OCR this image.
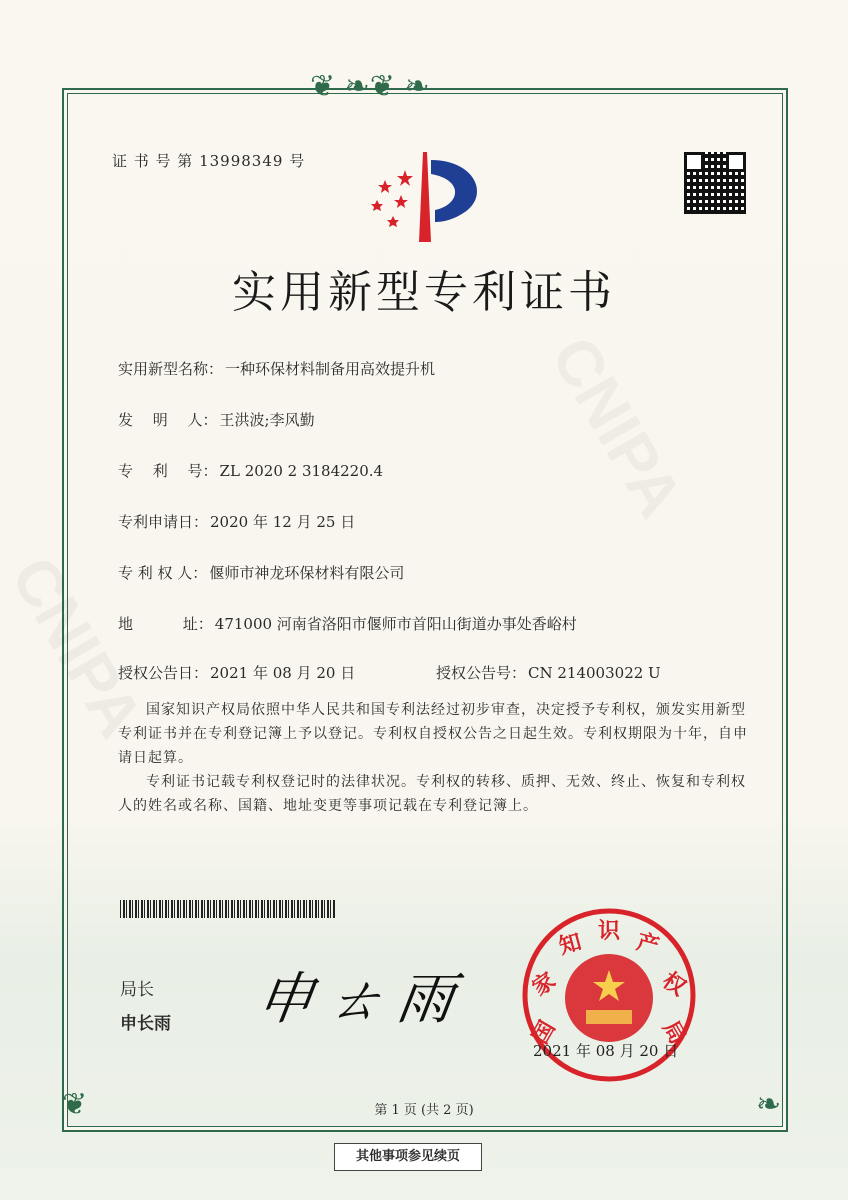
❦ ❧❦ ❧
❦	❧
证 书 号 第 13998349 号
实用新型专利证书
实用新型名称： 一种环保材料制备用高效提升机
发　 明　 人： 王洪波;李风勤
专　 利　 号： ZL 2020 2 3184220.4
专利申请日： 2020 年 12 月 25 日
专 利 权 人： 偃师市神龙环保材料有限公司
地　　　 址： 471000 河南省洛阳市偃师市首阳山街道办事处香峪村
授权公告日： 2021 年 08 月 20 日	授权公告号： CN 214003022 U
国家知识产权局依照中华人民共和国专利法经过初步审查，决定授予专利权，颁发实用新型专利证书并在专利登记簿上予以登记。专利权自授权公告之日起生效。专利权期限为十年，自申请日起算。
专利证书记载专利权登记时的法律状况。专利权的转移、质押、无效、终止、恢复和专利权人的姓名或名称、国籍、地址变更等事项记载在专利登记簿上。
局长
申长雨 申ㄊ雨
国
家
知 识 产
权
局
2021 年 08 月 20 日
第 1 页 (共 2 页)
其他事项参见续页
